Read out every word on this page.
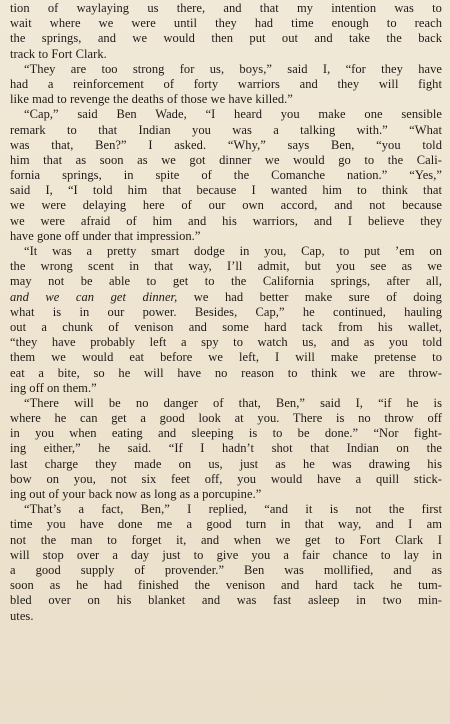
tion of waylaying us there, and that my intention was to
wait where we were until they had time enough to reach
the springs, and we would then put out and take the back
track to Fort Clark.
“They are too strong for us, boys,” said I, “for they have
had a reinforcement of forty warriors and they will fight
like mad to revenge the deaths of those we have killed.”
“Cap,” said Ben Wade, “I heard you make one sensible
remark to that Indian you was a talking with.” “What
was that, Ben?” I asked. “Why,” says Ben, “you told
him that as soon as we got dinner we would go to the Cali-
fornia springs, in spite of the Comanche nation.” “Yes,”
said I, “I told him that because I wanted him to think that
we were delaying here of our own accord, and not because
we were afraid of him and his warriors, and I believe they
have gone off under that impression.”
“It was a pretty smart dodge in you, Cap, to put ’em on
the wrong scent in that way, I’ll admit, but you see as we
may not be able to get to the California springs, after all,
and we can get dinner, we had better make sure of doing
what is in our power. Besides, Cap,” he continued, hauling
out a chunk of venison and some hard tack from his wallet,
“they have probably left a spy to watch us, and as you told
them we would eat before we left, I will make pretense to
eat a bite, so he will have no reason to think we are throw-
ing off on them.”
“There will be no danger of that, Ben,” said I, “if he is
where he can get a good look at you. There is no throw off
in you when eating and sleeping is to be done.” “Nor fight-
ing either,” he said. “If I hadn’t shot that Indian on the
last charge they made on us, just as he was drawing his
bow on you, not six feet off, you would have a quill stick-
ing out of your back now as long as a porcupine.”
“That’s a fact, Ben,” I replied, “and it is not the first
time you have done me a good turn in that way, and I am
not the man to forget it, and when we get to Fort Clark I
will stop over a day just to give you a fair chance to lay in
a good supply of provender.” Ben was mollified, and as
soon as he had finished the venison and hard tack he tum-
bled over on his blanket and was fast asleep in two min-
utes.
